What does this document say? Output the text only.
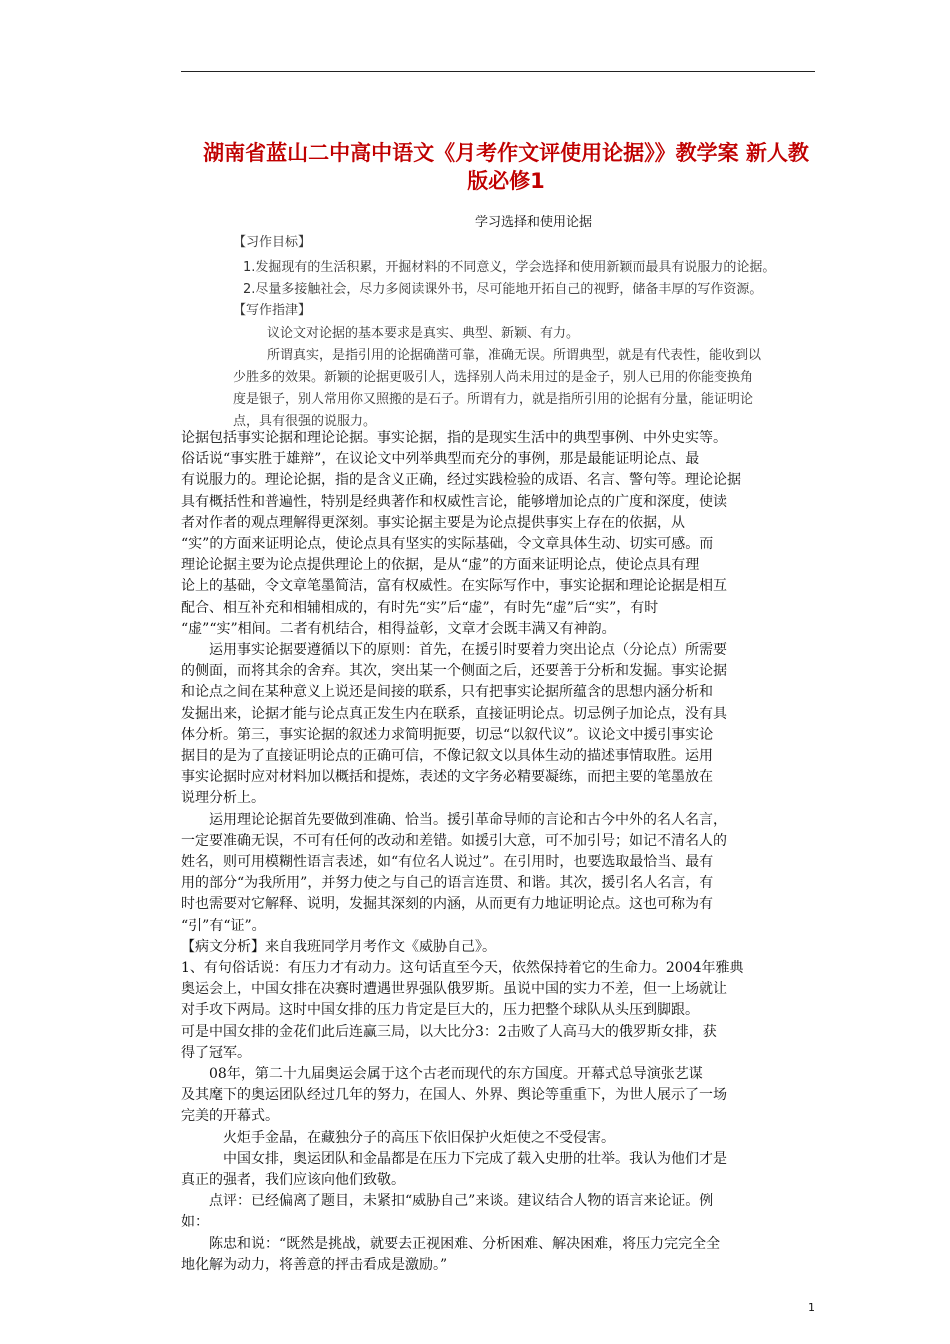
湖南省蓝山二中高中语文《月考作文评使用论据》》教学案 新人教版必修1
学习选择和使用论据
【习作目标】
1.发掘现有的生活积累，开掘材料的不同意义，学会选择和使用新颖而最具有说服力的论据。
2.尽量多接触社会，尽力多阅读课外书，尽可能地开拓自己的视野，储备丰厚的写作资源。
【写作指津】
议论文对论据的基本要求是真实、典型、新颖、有力。
所谓真实，是指引用的论据确凿可靠，准确无误。所谓典型，就是有代表性，能收到以
少胜多的效果。新颖的论据更吸引人，选择别人尚未用过的是金子，别人已用的你能变换角
度是银子，别人常用你又照搬的是石子。所谓有力，就是指所引用的论据有分量，能证明论
点，具有很强的说服力。
论据包括事实论据和理论论据。事实论据，指的是现实生活中的典型事例、中外史实等。
俗话说“事实胜于雄辩”，在议论文中列举典型而充分的事例，那是最能证明论点、最
有说服力的。理论论据，指的是含义正确，经过实践检验的成语、名言、警句等。理论论据
具有概括性和普遍性，特别是经典著作和权威性言论，能够增加论点的广度和深度，使读
者对作者的观点理解得更深刻。事实论据主要是为论点提供事实上存在的依据，从
“实”的方面来证明论点，使论点具有坚实的实际基础，令文章具体生动、切实可感。而
理论论据主要为论点提供理论上的依据，是从“虚”的方面来证明论点，使论点具有理
论上的基础，令文章笔墨简洁，富有权威性。在实际写作中，事实论据和理论论据是相互
配合、相互补充和相辅相成的，有时先“实”后“虚”，有时先“虚”后“实”，有时
“虚”“实”相间。二者有机结合，相得益彰，文章才会既丰满又有神韵。
　　运用事实论据要遵循以下的原则：首先，在援引时要着力突出论点（分论点）所需要
的侧面，而将其余的舍弃。其次，突出某一个侧面之后，还要善于分析和发掘。事实论据
和论点之间在某种意义上说还是间接的联系，只有把事实论据所蕴含的思想内涵分析和
发掘出来，论据才能与论点真正发生内在联系，直接证明论点。切忌例子加论点，没有具
体分析。第三，事实论据的叙述力求简明扼要，切忌“以叙代议”。议论文中援引事实论
据目的是为了直接证明论点的正确可信，不像记叙文以具体生动的描述事情取胜。运用
事实论据时应对材料加以概括和提炼，表述的文字务必精要凝练，而把主要的笔墨放在
说理分析上。
　　运用理论论据首先要做到准确、恰当。援引革命导师的言论和古今中外的名人名言，
一定要准确无误，不可有任何的改动和差错。如援引大意，可不加引号；如记不清名人的
姓名，则可用模糊性语言表述，如“有位名人说过”。在引用时，也要选取最恰当、最有
用的部分“为我所用”，并努力使之与自己的语言连贯、和谐。其次，援引名人名言，有
时也需要对它解释、说明，发掘其深刻的内涵，从而更有力地证明论点。这也可称为有
“引”有“证”。
【病文分析】来自我班同学月考作文《威胁自己》。
1、有句俗话说：有压力才有动力。这句话直至今天，依然保持着它的生命力。2004年雅典
奥运会上，中国女排在决赛时遭遇世界强队俄罗斯。虽说中国的实力不差，但一上场就让
对手攻下两局。这时中国女排的压力肯定是巨大的，压力把整个球队从头压到脚跟。
可是中国女排的金花们此后连赢三局，以大比分3：2击败了人高马大的俄罗斯女排，获
得了冠军。
　　08年，第二十九届奥运会属于这个古老而现代的东方国度。开幕式总导演张艺谋
及其麾下的奥运团队经过几年的努力，在国人、外界、舆论等重重下，为世人展示了一场
完美的开幕式。
　　　火炬手金晶，在藏独分子的高压下依旧保护火炬使之不受侵害。
　　　中国女排，奥运团队和金晶都是在压力下完成了载入史册的壮举。我认为他们才是
真正的强者，我们应该向他们致敬。
　　点评：已经偏离了题目，未紧扣“威胁自己”来谈。建议结合人物的语言来论证。例
如：
　　陈忠和说：“既然是挑战，就要去正视困难、分析困难、解决困难，将压力完完全全
地化解为动力，将善意的抨击看成是激励。”
1
